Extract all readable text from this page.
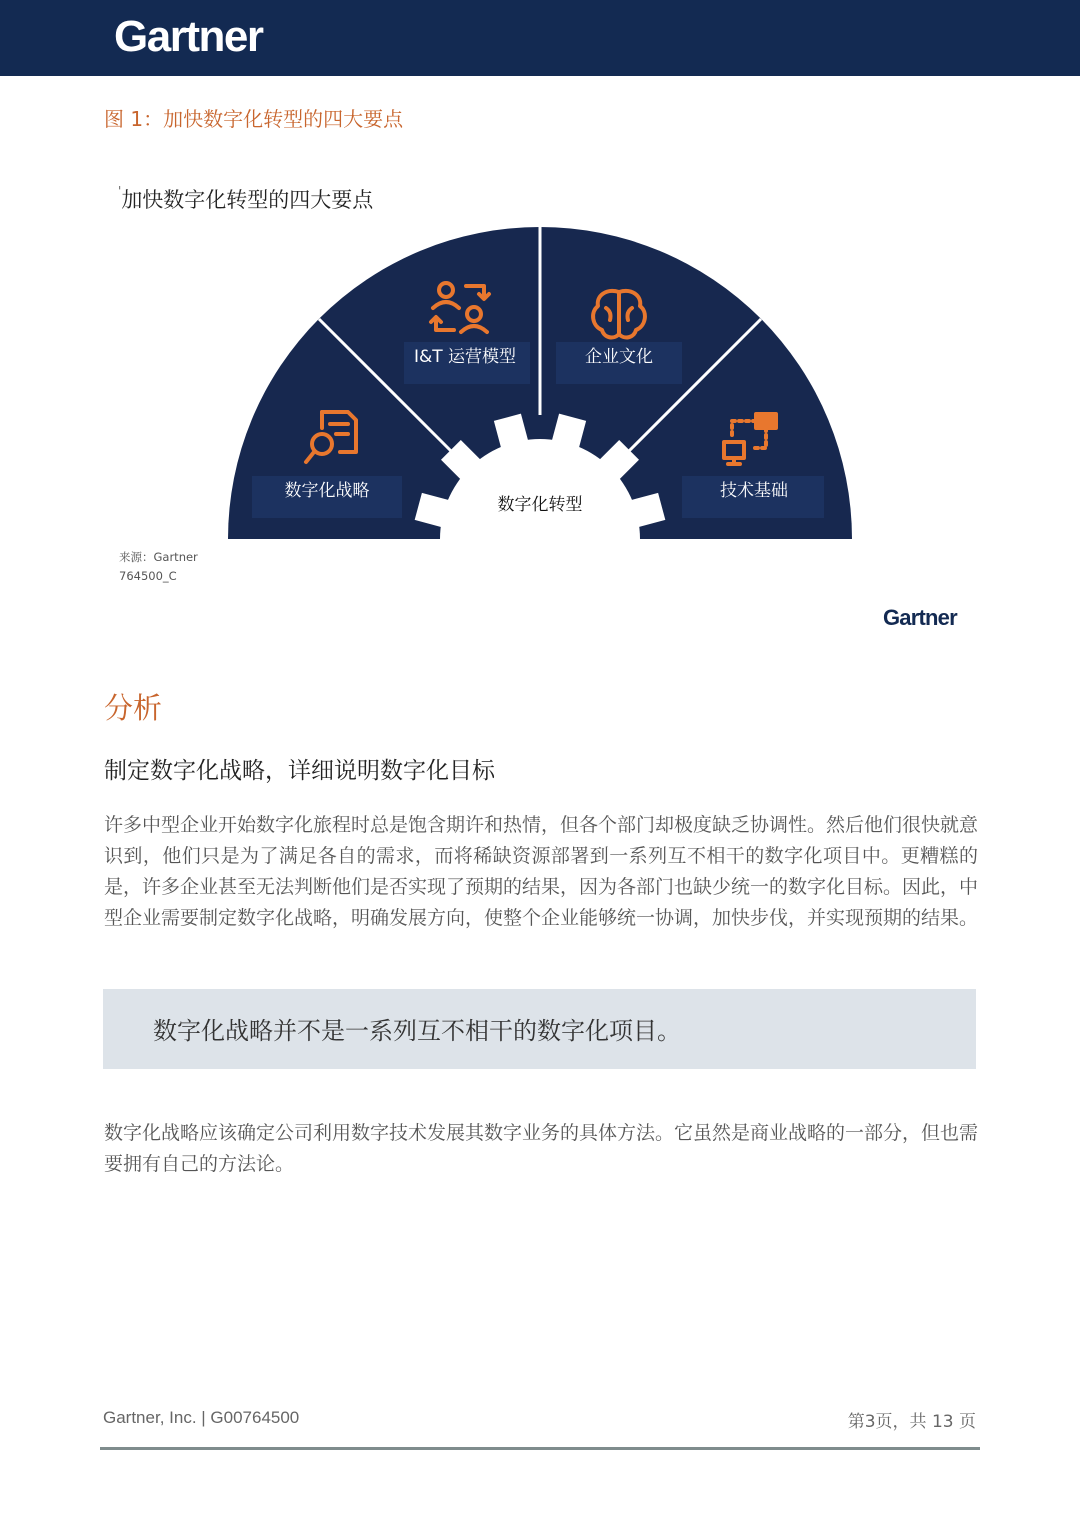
Gartner
图 1：加快数字化转型的四大要点
'加快数字化转型的四大要点
数字化战略
I&T 运营模型	企业文化
技术基础
数字化转型
来源：Gartner
764500_C
Gartner
分析
制定数字化战略，详细说明数字化目标

许多中型企业开始数字化旅程时总是饱含期许和热情，但各个部门却极度缺乏协调性。然后他们很快就意识到，他们只是为了满足各自的需求，而将稀缺资源部署到一系列互不相干的数字化项目中。更糟糕的是，许多企业甚至无法判断他们是否实现了预期的结果，因为各部门也缺少统一的数字化目标。因此，中型企业需要制定数字化战略，明确发展方向，使整个企业能够统一协调，加快步伐，并实现预期的结果。

数字化战略并不是一系列互不相干的数字化项目。

数字化战略应该确定公司利用数字技术发展其数字业务的具体方法。它虽然是商业战略的一部分，但也需要拥有自己的方法论。

Gartner, Inc. | G00764500	第3页，共 13 页
